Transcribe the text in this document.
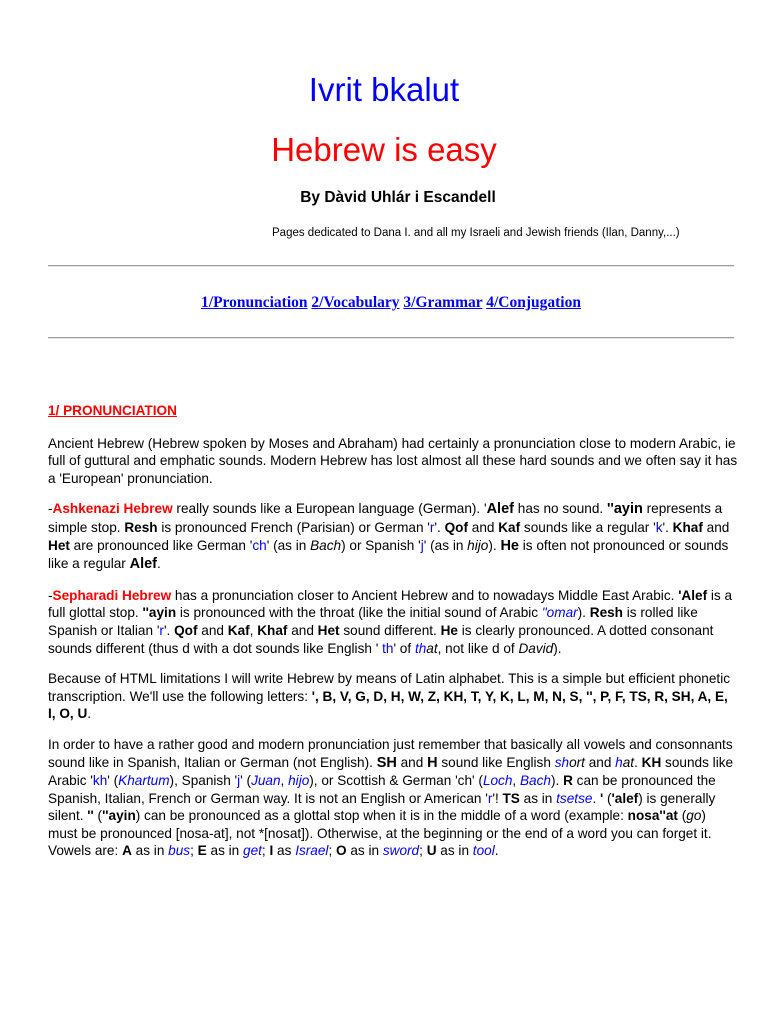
Ivrit bkalut
Hebrew is easy
By Dàvid Uhlár i Escandell
Pages dedicated to Dana I. and all my Israeli and Jewish friends (Ilan, Danny,...)
1/Pronunciation 2/Vocabulary 3/Grammar 4/Conjugation
1/ PRONUNCIATION

Ancient Hebrew (Hebrew spoken by Moses and Abraham) had certainly a pronunciation close to modern Arabic, ie full of guttural and emphatic sounds. Modern Hebrew has lost almost all these hard sounds and we often say it has a 'European' pronunciation.

-Ashkenazi Hebrew really sounds like a European language (German). 'Alef has no sound. ''ayin represents a simple stop. Resh is pronounced French (Parisian) or German 'r'. Qof and Kaf sounds like a regular 'k'. Khaf and Het are pronounced like German 'ch' (as in Bach) or Spanish 'j' (as in hijo). He is often not pronounced or sounds like a regular Alef.

-Sepharadi Hebrew has a pronunciation closer to Ancient Hebrew and to nowadays Middle East Arabic. 'Alef is a full glottal stop. ''ayin is pronounced with the throat (like the initial sound of Arabic "omar). Resh is rolled like Spanish or Italian 'r'. Qof and Kaf, Khaf and Het sound different. He is clearly pronounced. A dotted consonant sounds different (thus d with a dot sounds like English ' th' of that, not like d of David).

Because of HTML limitations I will write Hebrew by means of Latin alphabet. This is a simple but efficient phonetic transcription. We'll use the following letters: ', B, V, G, D, H, W, Z, KH, T, Y, K, L, M, N, S, '', P, F, TS, R, SH, A, E, I, O, U.

In order to have a rather good and modern pronunciation just remember that basically all vowels and consonnants sound like in Spanish, Italian or German (not English). SH and H sound like English short and hat. KH sounds like Arabic 'kh' (Khartum), Spanish 'j' (Juan, hijo), or Scottish & German 'ch' (Loch, Bach). R can be pronounced the Spanish, Italian, French or German way. It is not an English or American 'r'! TS as in tsetse. ' ('alef) is generally silent. '' (''ayin) can be pronounced as a glottal stop when it is in the middle of a word (example: nosa''at (go) must be pronounced [nosa-at], not *[nosat]). Otherwise, at the beginning or the end of a word you can forget it. Vowels are: A as in bus; E as in get; I as Israel; O as in sword; U as in tool.
